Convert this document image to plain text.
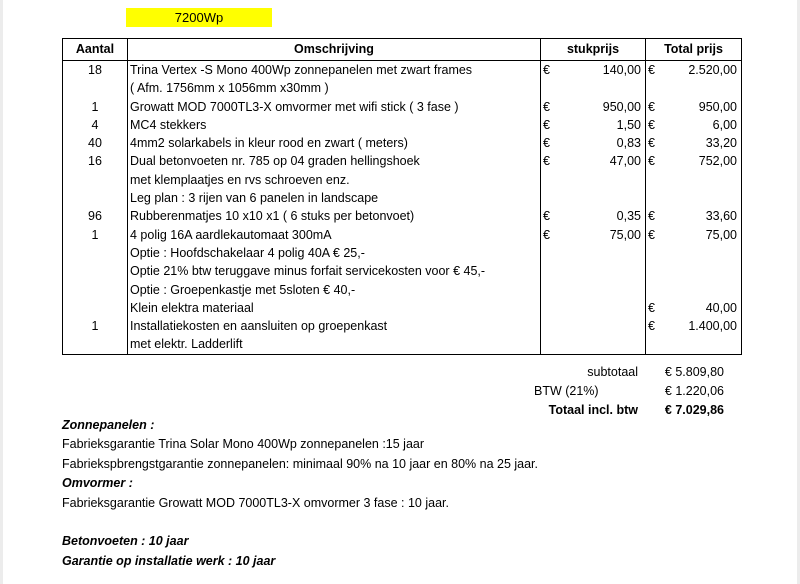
7200Wp
Aantal	Omschrijving	stukprijs	Total prijs
18	Trina Vertex -S Mono 400Wp zonnepanelen met zwart frames	€ 140,00	€ 2.520,00

	( Afm. 1756mm x 1056mm x30mm )		
1	Growatt MOD 7000TL3-X omvormer met wifi stick ( 3 fase )	€ 950,00	€ 950,00

4	MC4 stekkers	€ 1,50	€ 6,00

40	4mm2 solarkabels in kleur rood en zwart ( meters)	€ 0,83	€ 33,20

16	Dual betonvoeten nr. 785 op 04 graden hellingshoek	€ 47,00	€ 752,00

	met klemplaatjes en rvs schroeven enz.		
	Leg plan : 3 rijen van 6 panelen in landscape		
96	Rubberenmatjes 10 x10 x1 ( 6 stuks per betonvoet)	€ 0,35	€ 33,60

1	4 polig 16A aardlekautomaat 300mA	€ 75,00	€ 75,00

	Optie : Hoofdschakelaar 4 polig 40A € 25,-		
	Optie 21% btw teruggave minus forfait servicekosten voor € 45,-		
	Optie : Groepenkastje met 5sloten € 40,-		
	Klein elektra materiaal		€ 40,00

1	Installatiekosten en aansluiten op groepenkast		€ 1.400,00

	met elektr. Ladderlift		
subtotaal	€ 5.809,80
BTW (21%)	€ 1.220,06
Totaal incl. btw	€ 7.029,86
Zonnepanelen :
Fabrieksgarantie Trina Solar Mono 400Wp zonnepanelen :15 jaar
Fabriekspbrengstgarantie zonnepanelen: minimaal 90% na 10 jaar en 80% na 25 jaar.
Omvormer :
Fabrieksgarantie Growatt MOD 7000TL3-X omvormer 3 fase : 10 jaar.
Betonvoeten : 10 jaar
Garantie op installatie werk : 10 jaar
